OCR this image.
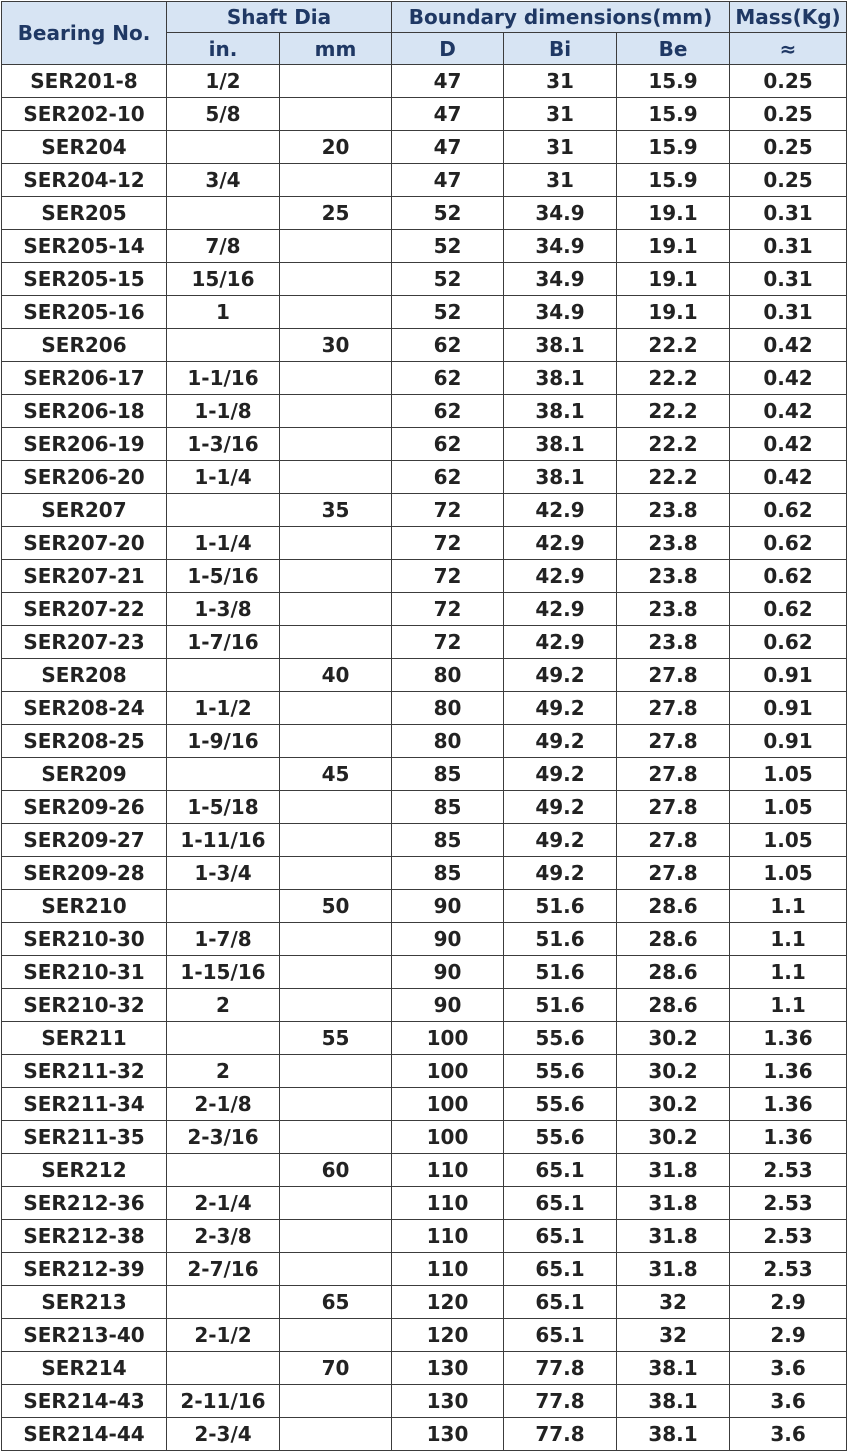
Bearing No.	Shaft Dia		Boundary dimensions(mm)			Mass(Kg)
	in.	mm	D	Bi	Be	≈
SER201-8	1/2		47	31	15.9	0.25
SER202-10	5/8		47	31	15.9	0.25
SER204		20	47	31	15.9	0.25
SER204-12	3/4		47	31	15.9	0.25
SER205		25	52	34.9	19.1	0.31
SER205-14	7/8		52	34.9	19.1	0.31
SER205-15	15/16		52	34.9	19.1	0.31
SER205-16	1		52	34.9	19.1	0.31
SER206		30	62	38.1	22.2	0.42
SER206-17	1-1/16		62	38.1	22.2	0.42
SER206-18	1-1/8		62	38.1	22.2	0.42
SER206-19	1-3/16		62	38.1	22.2	0.42
SER206-20	1-1/4		62	38.1	22.2	0.42
SER207		35	72	42.9	23.8	0.62
SER207-20	1-1/4		72	42.9	23.8	0.62
SER207-21	1-5/16		72	42.9	23.8	0.62
SER207-22	1-3/8		72	42.9	23.8	0.62
SER207-23	1-7/16		72	42.9	23.8	0.62
SER208		40	80	49.2	27.8	0.91
SER208-24	1-1/2		80	49.2	27.8	0.91
SER208-25	1-9/16		80	49.2	27.8	0.91
SER209		45	85	49.2	27.8	1.05
SER209-26	1-5/18		85	49.2	27.8	1.05
SER209-27	1-11/16		85	49.2	27.8	1.05
SER209-28	1-3/4		85	49.2	27.8	1.05
SER210		50	90	51.6	28.6	1.1
SER210-30	1-7/8		90	51.6	28.6	1.1
SER210-31	1-15/16		90	51.6	28.6	1.1
SER210-32	2		90	51.6	28.6	1.1
SER211		55	100	55.6	30.2	1.36
SER211-32	2		100	55.6	30.2	1.36
SER211-34	2-1/8		100	55.6	30.2	1.36
SER211-35	2-3/16		100	55.6	30.2	1.36
SER212		60	110	65.1	31.8	2.53
SER212-36	2-1/4		110	65.1	31.8	2.53
SER212-38	2-3/8		110	65.1	31.8	2.53
SER212-39	2-7/16		110	65.1	31.8	2.53
SER213		65	120	65.1	32	2.9
SER213-40	2-1/2		120	65.1	32	2.9
SER214		70	130	77.8	38.1	3.6
SER214-43	2-11/16		130	77.8	38.1	3.6
SER214-44	2-3/4		130	77.8	38.1	3.6
